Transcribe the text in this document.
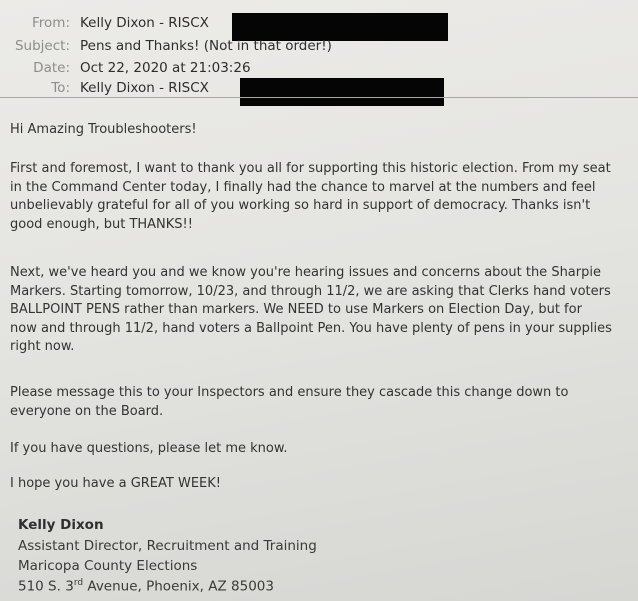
From: Kelly Dixon - RISCX
Subject: Pens and Thanks! (Not in that order!)
Date: Oct 22, 2020 at 21:03:26
To: Kelly Dixon - RISCX
Hi Amazing Troubleshooters!
First and foremost, I want to thank you all for supporting this historic election. From my seat
in the Command Center today, I finally had the chance to marvel at the numbers and feel
unbelievably grateful for all of you working so hard in support of democracy. Thanks isn't
good enough, but THANKS!!
Next, we've heard you and we know you're hearing issues and concerns about the Sharpie
Markers. Starting tomorrow, 10/23, and through 11/2, we are asking that Clerks hand voters
BALLPOINT PENS rather than markers. We NEED to use Markers on Election Day, but for
now and through 11/2, hand voters a Ballpoint Pen. You have plenty of pens in your supplies
right now.
Please message this to your Inspectors and ensure they cascade this change down to
everyone on the Board.
If you have questions, please let me know.
I hope you have a GREAT WEEK!
Kelly Dixon
Assistant Director, Recruitment and Training
Maricopa County Elections
510 S. 3rd Avenue, Phoenix, AZ 85003
